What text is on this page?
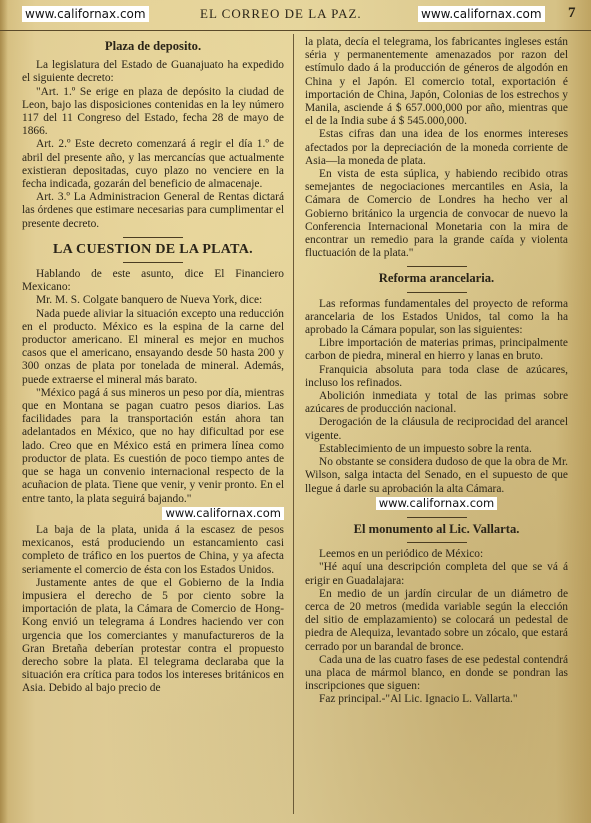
www.californax.com	EL CORREO DE LA PAZ.	www.californax.com 7
Plaza de deposito.

La legislatura del Estado de Guanajuato ha expedido el siguiente decreto:

"Art. 1.º Se erige en plaza de depósito la ciudad de Leon, bajo las disposiciones contenidas en la ley número 117 del 11 Congreso del Estado, fecha 28 de mayo de 1866.

Art. 2.º Este decreto comenzará á regir el día 1.º de abril del presente año, y las mercancías que actualmente existieran depositadas, cuyo plazo no venciere en la fecha indicada, gozarán del beneficio de almacenaje.

Art. 3.º La Administracion General de Rentas dictará las órdenes que estimare necesarias para cumplimentar el presente decreto.

LA CUESTION DE LA PLATA.

Hablando de este asunto, dice El Financiero Mexicano:

Mr. M. S. Colgate banquero de Nueva York, dice:

Nada puede aliviar la situación excepto una reducción en el producto. México es la espina de la carne del productor americano. El mineral es mejor en muchos casos que el americano, ensayando desde 50 hasta 200 y 300 onzas de plata por tonelada de mineral. Además, puede extraerse el mineral más barato.

"México pagá á sus mineros un peso por día, mientras que en Montana se pagan cuatro pesos diarios. Las facilidades para la transportación están ahora tan adelantados en México, que no hay dificultad por ese lado. Creo que en México está en primera línea como productor de plata. Es cuestión de poco tiempo antes de que se haga un convenio internacional respecto de la acuñacion de plata. Tiene que venir, y venir pronto. En el entre tanto, la plata seguirá bajando."

www.californax.com

La baja de la plata, unida á la escasez de pesos mexicanos, está produciendo un estancamiento casi completo de tráfico en los puertos de China, y ya afecta seriamente el comercio de ésta con los Estados Unidos.

Justamente antes de que el Gobierno de la India impusiera el derecho de 5 por ciento sobre la importación de plata, la Cámara de Comercio de Hong-Kong envió un telegrama á Londres haciendo ver con urgencia que los comerciantes y manufactureros de la Gran Bretaña deberían protestar contra el propuesto derecho sobre la plata. El telegrama declaraba que la situación era crítica para todos los intereses británicos en Asia. Debido al bajo precio de

la plata, decía el telegrama, los fabricantes ingleses están séria y permanentemente amenazados por razon del estímulo dado á la producción de géneros de algodón en China y el Japón. El comercio total, exportación é importación de China, Japón, Colonias de los estrechos y Manila, asciende á $ 657.000,000 por año, mientras que el de la India sube á $ 545.000,000.

Estas cifras dan una idea de los enormes intereses afectados por la depreciación de la moneda corriente de Asia—la moneda de plata.

En vista de esta súplica, y habiendo recibido otras semejantes de negociaciones mercantiles en Asia, la Cámara de Comercio de Londres ha hecho ver al Gobierno británico la urgencia de convocar de nuevo la Conferencia Internacional Monetaria con la mira de encontrar un remedio para la grande caída y violenta fluctuación de la plata."

Reforma arancelaria.

Las reformas fundamentales del proyecto de reforma arancelaria de los Estados Unidos, tal como la ha aprobado la Cámara popular, son las siguientes:

Libre importación de materias primas, principalmente carbon de piedra, mineral en hierro y lanas en bruto.

Franquicia absoluta para toda clase de azúcares, incluso los refinados.

Abolición inmediata y total de las primas sobre azúcares de producción nacional.

Derogación de la cláusula de reciprocidad del arancel vigente.

Establecimiento de un impuesto sobre la renta.

No obstante se considera dudoso de que la obra de Mr. Wilson, salga intacta del Senado, en el supuesto de que llegue á darle su aprobación la alta Cámara.

www.californax.com

El monumento al Lic. Vallarta.

Leemos en un periódico de México:

"Hé aquí una descripción completa del que se vá á erigir en Guadalajara:

En medio de un jardín circular de un diámetro de cerca de 20 metros (medida variable según la elección del sitio de emplazamiento) se colocará un pedestal de piedra de Alequiza, levantado sobre un zócalo, que estará cerrado por un barandal de bronce.

Cada una de las cuatro fases de ese pedestal contendrá una placa de mármol blanco, en donde se pondran las inscripciones que siguen:

Faz principal.-"Al Lic. Ignacio L. Vallarta."
